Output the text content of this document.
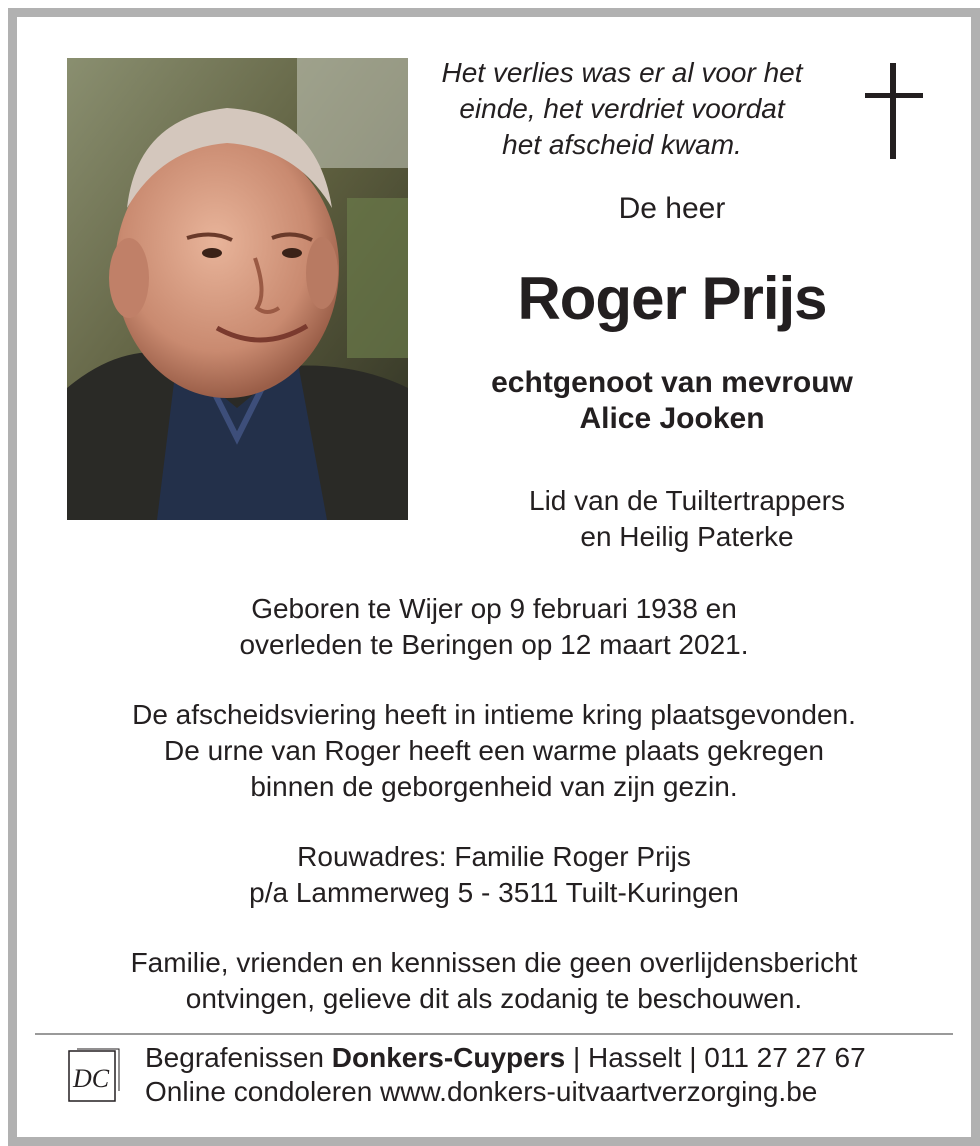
Het verlies was er al voor het
einde, het verdriet voordat
het afscheid kwam.
De heer
Roger Prijs
echtgenoot van mevrouw
Alice Jooken
Lid van de Tuiltertrappers
en Heilig Paterke
Geboren te Wijer op 9 februari 1938 en
overleden te Beringen op 12 maart 2021.
De afscheidsviering heeft in intieme kring plaatsgevonden.
De urne van Roger heeft een warme plaats gekregen
binnen de geborgenheid van zijn gezin.
Rouwadres: Familie Roger Prijs
p/a Lammerweg 5 - 3511 Tuilt-Kuringen
Familie, vrienden en kennissen die geen overlijdensbericht
ontvingen, gelieve dit als zodanig te beschouwen.
DC
Begrafenissen Donkers-Cuypers | Hasselt | 011 27 27 67
Online condoleren www.donkers-uitvaartverzorging.be
